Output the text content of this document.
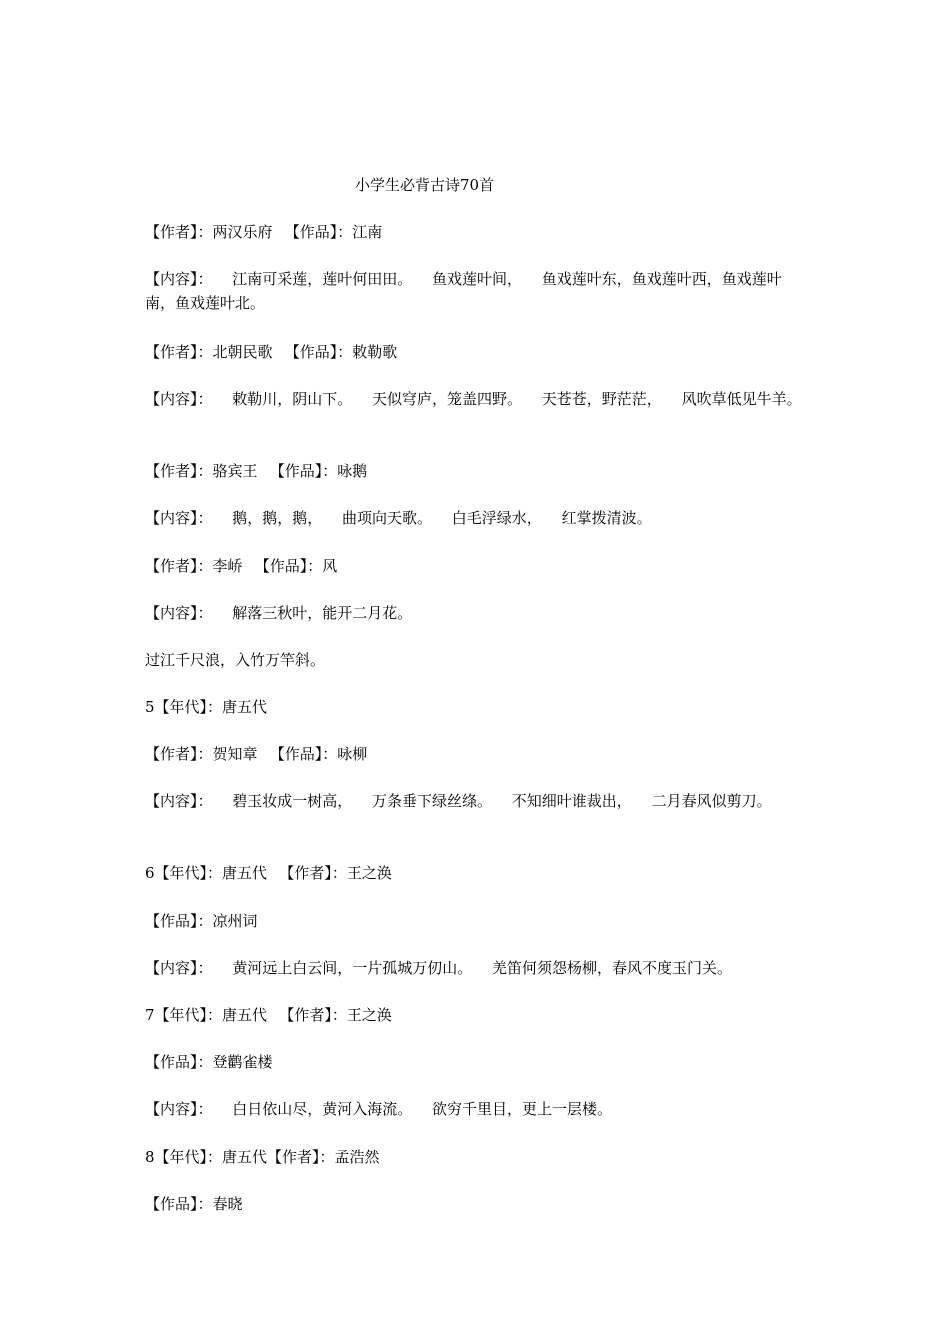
小学生必背古诗70首
【作者】：两汉乐府 　【作品】：江南
【内容】： 　江南可采莲，莲叶何田田。 　鱼戏莲叶间， 　鱼戏莲叶东，鱼戏莲叶西，鱼戏莲叶南，鱼戏莲叶北。
【作者】：北朝民歌 　【作品】：敕勒歌
【内容】： 　敕勒川，阴山下。 　天似穹庐，笼盖四野。 　天苍苍，野茫茫， 　风吹草低见牛羊。
【作者】：骆宾王 　【作品】：咏鹅
【内容】： 　鹅，鹅，鹅， 　曲项向天歌。 　白毛浮绿水， 　红掌拨清波。
【作者】：李峤 　【作品】：风
【内容】： 　解落三秋叶，能开二月花。
过江千尺浪，入竹万竿斜。
5【年代】：唐五代
【作者】：贺知章 　【作品】：咏柳
【内容】： 　碧玉妆成一树高， 　万条垂下绿丝绦。 　不知细叶谁裁出， 　二月春风似剪刀。
6【年代】：唐五代 　【作者】：王之涣
【作品】：凉州词
【内容】： 　黄河远上白云间，一片孤城万仞山。 　羌笛何须怨杨柳，春风不度玉门关。
7【年代】：唐五代 　【作者】：王之涣
【作品】：登鹳雀楼
【内容】： 　白日依山尽，黄河入海流。 　欲穷千里目，更上一层楼。
8【年代】：唐五代【作者】：孟浩然
【作品】：春晓
